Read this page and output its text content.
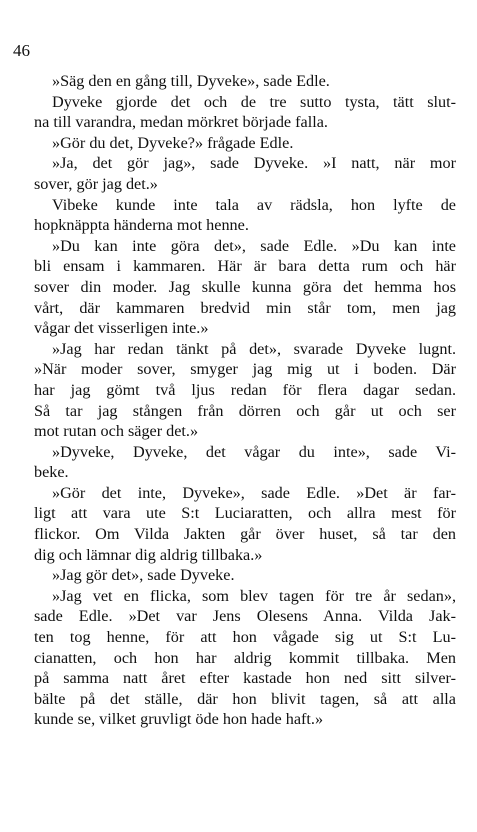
46
»Säg den en gång till, Dyveke», sade Edle.
Dyveke gjorde det och de tre sutto tysta, tätt slut-
na till varandra, medan mörkret började falla.
»Gör du det, Dyveke?» frågade Edle.
»Ja, det gör jag», sade Dyveke. »I natt, när mor
sover, gör jag det.»
Vibeke kunde inte tala av rädsla, hon lyfte de
hopknäppta händerna mot henne.
»Du kan inte göra det», sade Edle. »Du kan inte
bli ensam i kammaren. Här är bara detta rum och här
sover din moder. Jag skulle kunna göra det hemma hos
vårt, där kammaren bredvid min står tom, men jag
vågar det visserligen inte.»
»Jag har redan tänkt på det», svarade Dyveke lugnt.
»När moder sover, smyger jag mig ut i boden. Där
har jag gömt två ljus redan för flera dagar sedan.
Så tar jag stången från dörren och går ut och ser
mot rutan och säger det.»
»Dyveke, Dyveke, det vågar du inte», sade Vi-
beke.
»Gör det inte, Dyveke», sade Edle. »Det är far-
ligt att vara ute S:t Luciaratten, och allra mest för
flickor. Om Vilda Jakten går över huset, så tar den
dig och lämnar dig aldrig tillbaka.»
»Jag gör det», sade Dyveke.
»Jag vet en flicka, som blev tagen för tre år sedan»,
sade Edle. »Det var Jens Olesens Anna. Vilda Jak-
ten tog henne, för att hon vågade sig ut S:t Lu-
cianatten, och hon har aldrig kommit tillbaka. Men
på samma natt året efter kastade hon ned sitt silver-
bälte på det ställe, där hon blivit tagen, så att alla
kunde se, vilket gruvligt öde hon hade haft.»
